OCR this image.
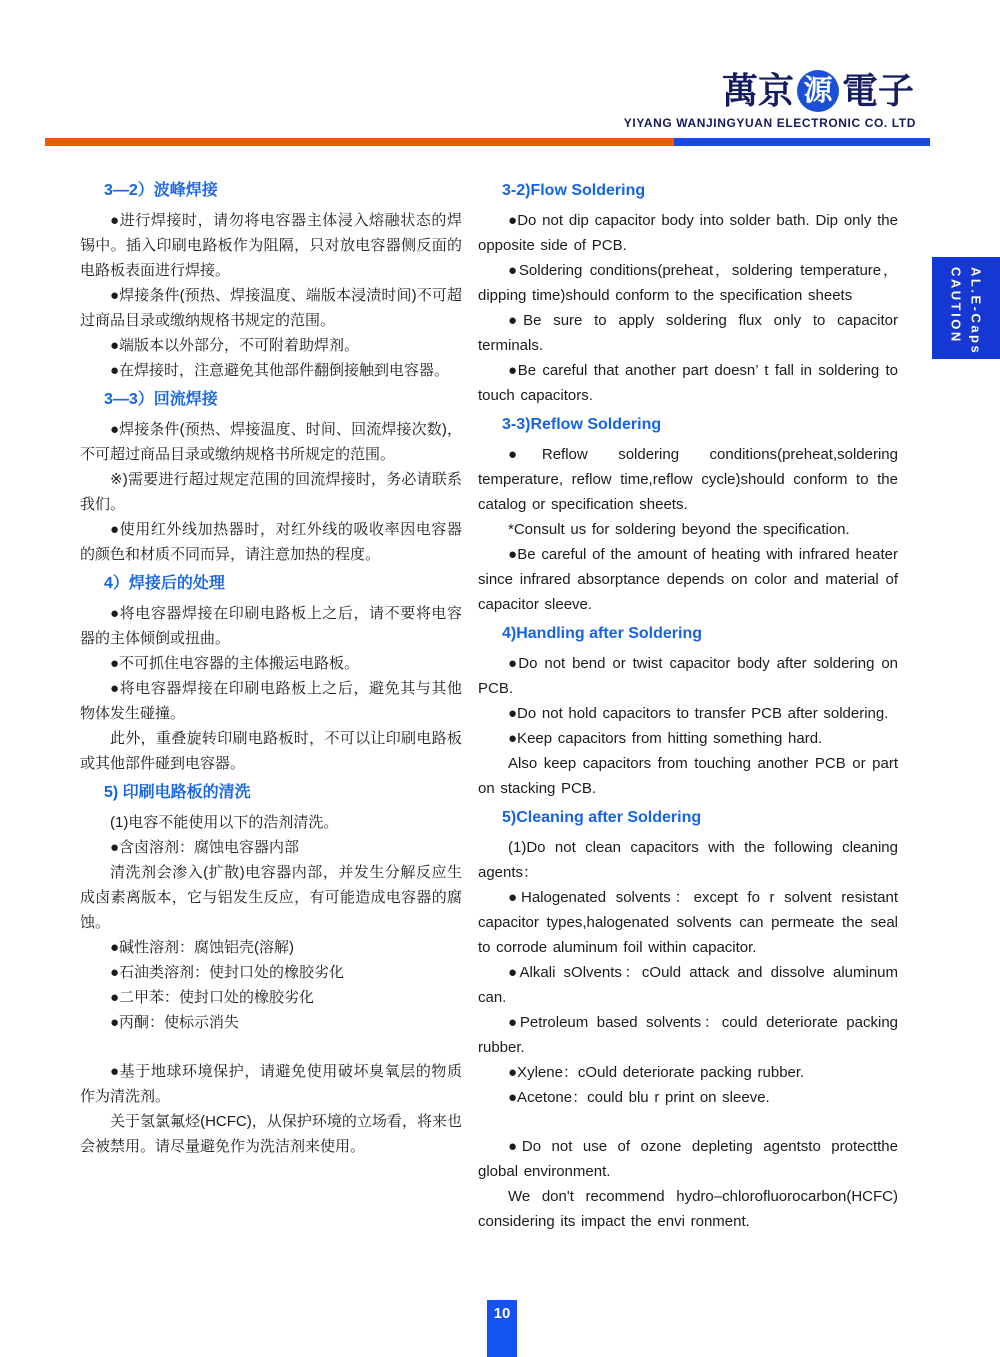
萬京 源 電子
YIYANG WANJINGYUAN ELECTRONIC CO. LTD
CAUTION AL.E-Caps
3—2）波峰焊接

●进行焊接时，请勿将电容器主体浸入熔融状态的焊锡中。插入印刷电路板作为阻隔，只对放电容器侧反面的电路板表面进行焊接。

●焊接条件(预热、焊接温度、端版本浸渍时间)不可超过商品目录或缴纳规格书规定的范围。

●端版本以外部分，不可附着助焊剂。

●在焊接时，注意避免其他部件翻倒接触到电容器。

3—3）回流焊接

●焊接条件(预热、焊接温度、时间、回流焊接次数)，不可超过商品目录或缴纳规格书所规定的范围。

※)需要进行超过规定范围的回流焊接时，务必请联系我们。

●使用红外线加热器时，对红外线的吸收率因电容器的颜色和材质不同而异，请注意加热的程度。

4）焊接后的处理

●将电容器焊接在印刷电路板上之后，请不要将电容器的主体倾倒或扭曲。

●不可抓住电容器的主体搬运电路板。

●将电容器焊接在印刷电路板上之后，避免其与其他物体发生碰撞。

此外，重叠旋转印刷电路板时，不可以让印刷电路板或其他部件碰到电容器。

5) 印刷电路板的清洗

(1)电容不能使用以下的浩剂清洗。

●含卤溶剂：腐蚀电容器内部

清洗剂会渗入(扩散)电容器内部，并发生分解反应生成卤素离版本，它与铝发生反应，有可能造成电容器的腐蚀。

●碱性溶剂：腐蚀铝壳(溶解)

●石油类溶剂：使封口处的橡胶劣化

●二甲苯：使封口处的橡胶劣化

●丙酮：使标示消失

●基于地球环境保护，请避免使用破坏臭氧层的物质作为清洗剂。

关于氢氯氟烃(HCFC)，从保护环境的立场看，将来也会被禁用。请尽量避免作为洗洁剂来使用。

3-2)Flow Soldering

●Do not dip capacitor body into solder bath. Dip only the opposite side of PCB.

●Soldering conditions(preheat，soldering temperature，dipping time)should conform to the specification sheets

●Be sure to apply soldering flux only to capacitor terminals.

●Be careful that another part doesn’ t fall in soldering to touch capacitors.

3-3)Reflow Soldering

●Reflow soldering conditions(preheat,soldering temperature, reflow time,reflow cycle)should conform to the catalog or specification sheets.

*Consult us for soldering beyond the specification.

●Be careful of the amount of heating with infrared heater since infrared absorptance depends on color and material of capacitor sleeve.

4)Handling after Soldering

●Do not bend or twist capacitor body after soldering on PCB.

●Do not hold capacitors to transfer PCB after soldering.

●Keep capacitors from hitting something hard.

Also keep capacitors from touching another PCB or part on stacking PCB.

5)Cleaning after Soldering

(1)Do not clean capacitors with the following cleaning agents：

●Halogenated solvents：except fo r solvent resistant capacitor types,halogenated solvents can permeate the seal to corrode aluminum foil within capacitor.

●Alkali sOlvents：cOuld attack and dissolve aluminum can.

●Petroleum based solvents：could deteriorate packing rubber.

●Xylene：cOuld deteriorate packing rubber.

●Acetone：could blu r print on sleeve.

●Do not use of ozone depleting agentsto protectthe global environment.

We don't recommend hydro–chlorofluorocarbon(HCFC) considering its impact the envi ronment.

10
